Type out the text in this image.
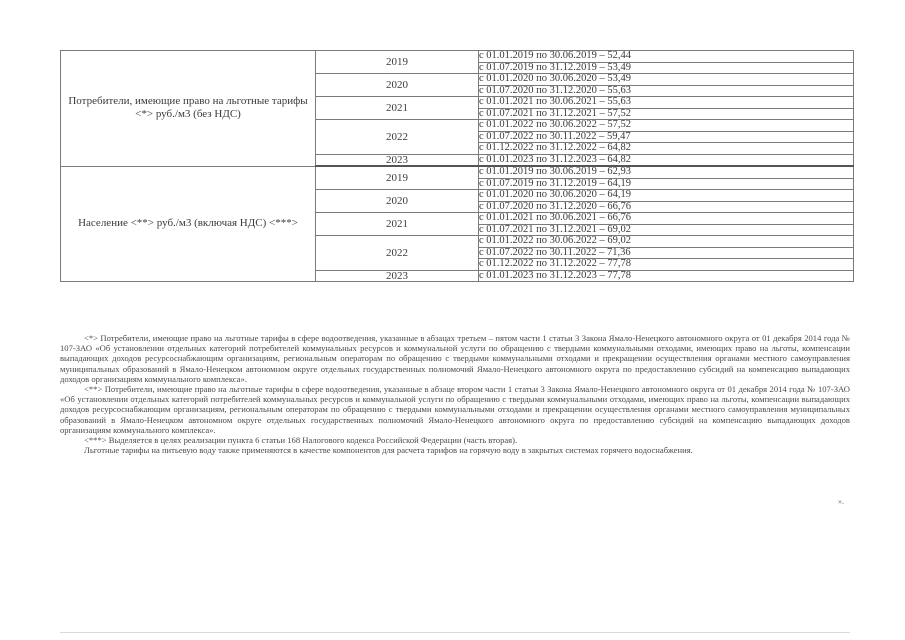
Потребители, имеющие право на льготные тарифы <*> руб./м3 (без НДС)	2019	с 01.01.2019 по 30.06.2019 – 52,44

		с 01.07.2019 по 31.12.2019 – 53,49

	2020	с 01.01.2020 по 30.06.2020 – 53,49

		с 01.07.2020 по 31.12.2020 – 55,63

	2021	с 01.01.2021 по 30.06.2021 – 55,63

		с 01.07.2021 по 31.12.2021 – 57,52

	2022	с 01.01.2022 по 30.06.2022 – 57,52

		с 01.07.2022 по 30.11.2022 – 59,47

		с 01.12.2022 по 31.12.2022 – 64,82

	2023	с 01.01.2023 по 31.12.2023 – 64,82

Население <**> руб./м3 (включая НДС) <***>	2019	с 01.01.2019 по 30.06.2019 – 62,93

		с 01.07.2019 по 31.12.2019 – 64,19

	2020	с 01.01.2020 по 30.06.2020 – 64,19

		с 01.07.2020 по 31.12.2020 – 66,76

	2021	с 01.01.2021 по 30.06.2021 – 66,76

		с 01.07.2021 по 31.12.2021 – 69,02

	2022	с 01.01.2022 по 30.06.2022 – 69,02

		с 01.07.2022 по 30.11.2022 – 71,36

		с 01.12.2022 по 31.12.2022 – 77,78

	2023	с 01.01.2023 по 31.12.2023 – 77,78

<*> Потребители, имеющие право на льготные тарифы в сфере водоотведения, указанные в абзацах третьем – пятом части 1 статьи 3 Закона Ямало-Ненецкого автономного округа от 01 декабря 2014 года № 107-ЗАО «Об установлении отдельных категорий потребителей коммунальных ресурсов и коммунальной услуги по обращению с твердыми коммунальными отходами, имеющих право на льготы, компенсации выпадающих доходов ресурсоснабжающим организациям, региональным операторам по обращению с твердыми коммунальными отходами и прекращении осуществления органами местного самоуправления муниципальных образований в Ямало-Ненецком автономном округе отдельных государственных полномочий Ямало-Ненецкого автономного округа по предоставлению субсидий на компенсацию выпадающих доходов организациям коммунального комплекса».

<**> Потребители, имеющие право на льготные тарифы в сфере водоотведения, указанные в абзаце втором части 1 статьи 3 Закона Ямало-Ненецкого автономного округа от 01 декабря 2014 года № 107-ЗАО «Об установлении отдельных категорий потребителей коммунальных ресурсов и коммунальной услуги по обращению с твердыми коммунальными отходами, имеющих право на льготы, компенсации выпадающих доходов ресурсоснабжающим организациям, региональным операторам по обращению с твердыми коммунальными отходами и прекращении осуществления органами местного самоуправления муниципальных образований в Ямало-Ненецком автономном округе отдельных государственных полномочий Ямало-Ненецкого автономного округа по предоставлению субсидий на компенсацию выпадающих доходов организациям коммунального комплекса».

<***> Выделяется в целях реализации пункта 6 статьи 168 Налогового кодекса Российской Федерации (часть вторая).

Льготные тарифы на питьевую воду также применяются в качестве компонентов для расчета тарифов на горячую воду в закрытых системах горячего водоснабжения.

».
